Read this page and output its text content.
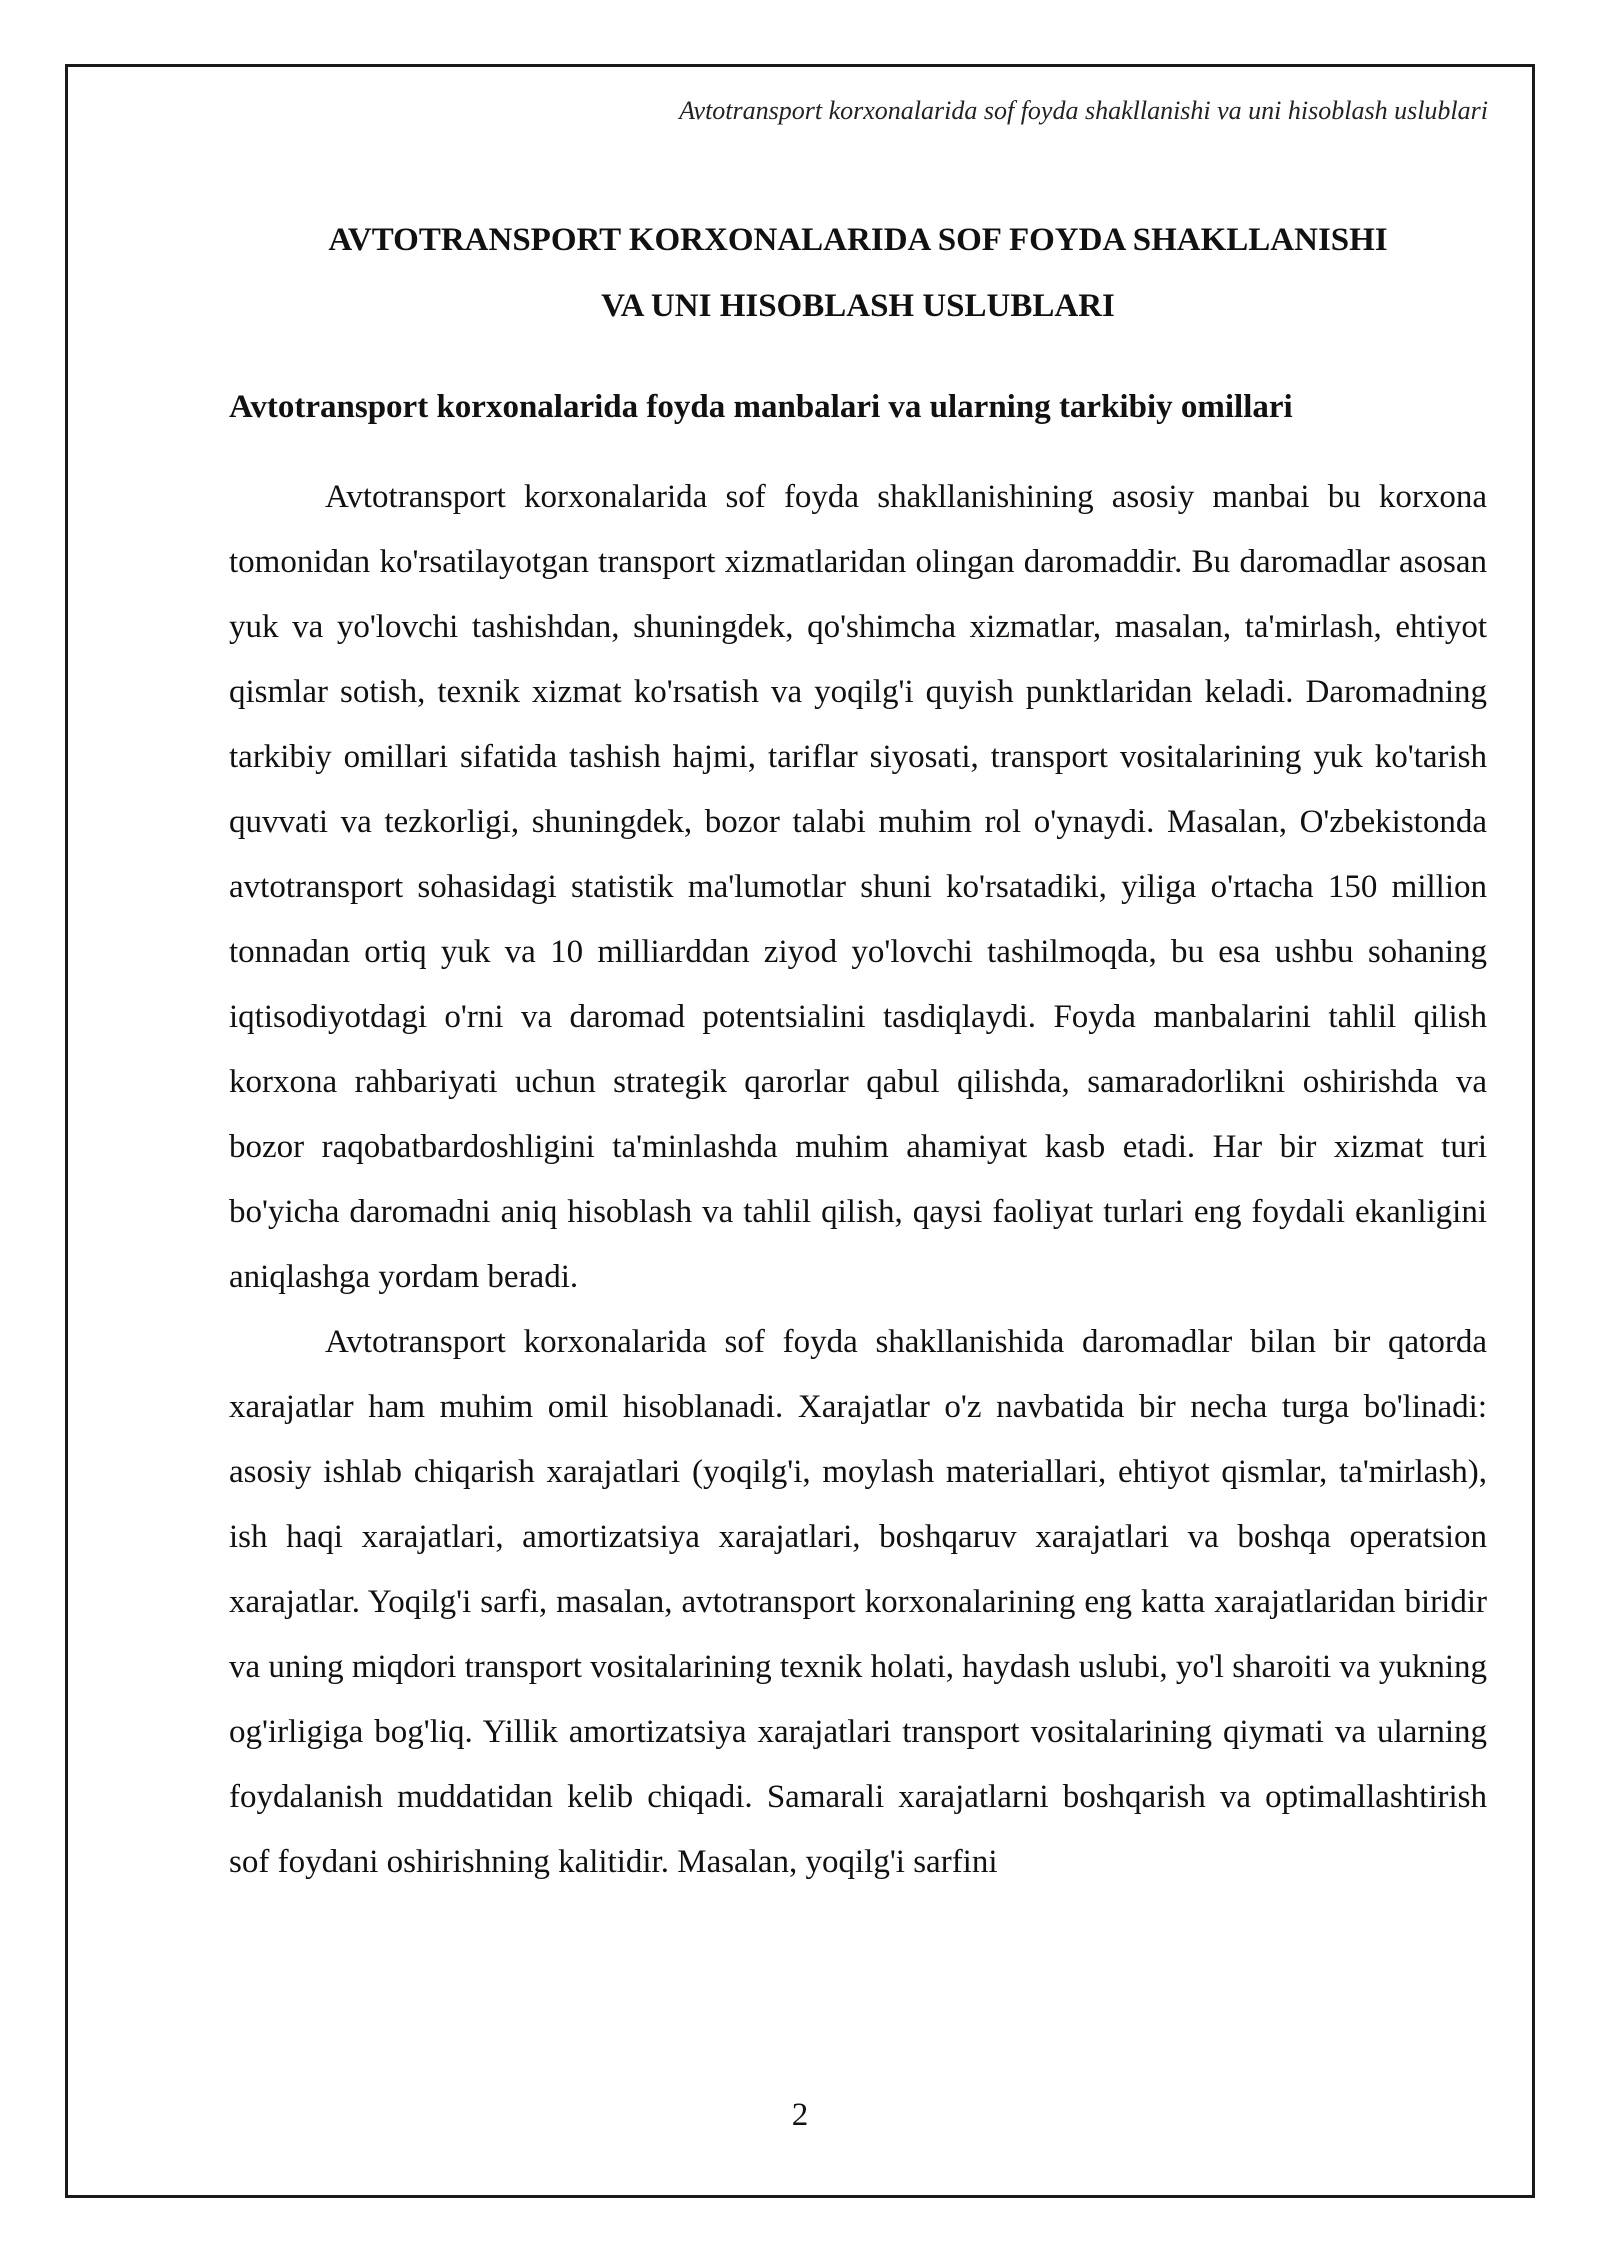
Avtotransport korxonalarida sof foyda shakllanishi va uni hisoblash uslublari
AVTOTRANSPORT KORXONALARIDA SOF FOYDA SHAKLLANISHI
VA UNI HISOBLASH USLUBLARI
Avtotransport korxonalarida foyda manbalari va ularning tarkibiy omillari

Avtotransport korxonalarida sof foyda shakllanishining asosiy manbai bu korxona tomonidan ko'rsatilayotgan transport xizmatlaridan olingan daromaddir. Bu daromadlar asosan yuk va yo'lovchi tashishdan, shuningdek, qo'shimcha xizmatlar, masalan, ta'mirlash, ehtiyot qismlar sotish, texnik xizmat ko'rsatish va yoqilg'i quyish punktlaridan keladi. Daromadning tarkibiy omillari sifatida tashish hajmi, tariflar siyosati, transport vositalarining yuk ko'tarish quvvati va tezkorligi, shuningdek, bozor talabi muhim rol o'ynaydi. Masalan, O'zbekistonda avtotransport sohasidagi statistik ma'lumotlar shuni ko'rsatadiki, yiliga o'rtacha 150 million tonnadan ortiq yuk va 10 milliarddan ziyod yo'lovchi tashilmoqda, bu esa ushbu sohaning iqtisodiyotdagi o'rni va daromad potentsialini tasdiqlaydi. Foyda manbalarini tahlil qilish korxona rahbariyati uchun strategik qarorlar qabul qilishda, samaradorlikni oshirishda va bozor raqobatbardoshligini ta'minlashda muhim ahamiyat kasb etadi. Har bir xizmat turi bo'yicha daromadni aniq hisoblash va tahlil qilish, qaysi faoliyat turlari eng foydali ekanligini aniqlashga yordam beradi.

Avtotransport korxonalarida sof foyda shakllanishida daromadlar bilan bir qatorda xarajatlar ham muhim omil hisoblanadi. Xarajatlar o'z navbatida bir necha turga bo'linadi: asosiy ishlab chiqarish xarajatlari (yoqilg'i, moylash materiallari, ehtiyot qismlar, ta'mirlash), ish haqi xarajatlari, amortizatsiya xarajatlari, boshqaruv xarajatlari va boshqa operatsion xarajatlar. Yoqilg'i sarfi, masalan, avtotransport korxonalarining eng katta xarajatlaridan biridir va uning miqdori transport vositalarining texnik holati, haydash uslubi, yo'l sharoiti va yukning og'irligiga bog'liq. Yillik amortizatsiya xarajatlari transport vositalarining qiymati va ularning foydalanish muddatidan kelib chiqadi. Samarali xarajatlarni boshqarish va optimallashtirish sof foydani oshirishning kalitidir. Masalan, yoqilg'i sarfini

2
